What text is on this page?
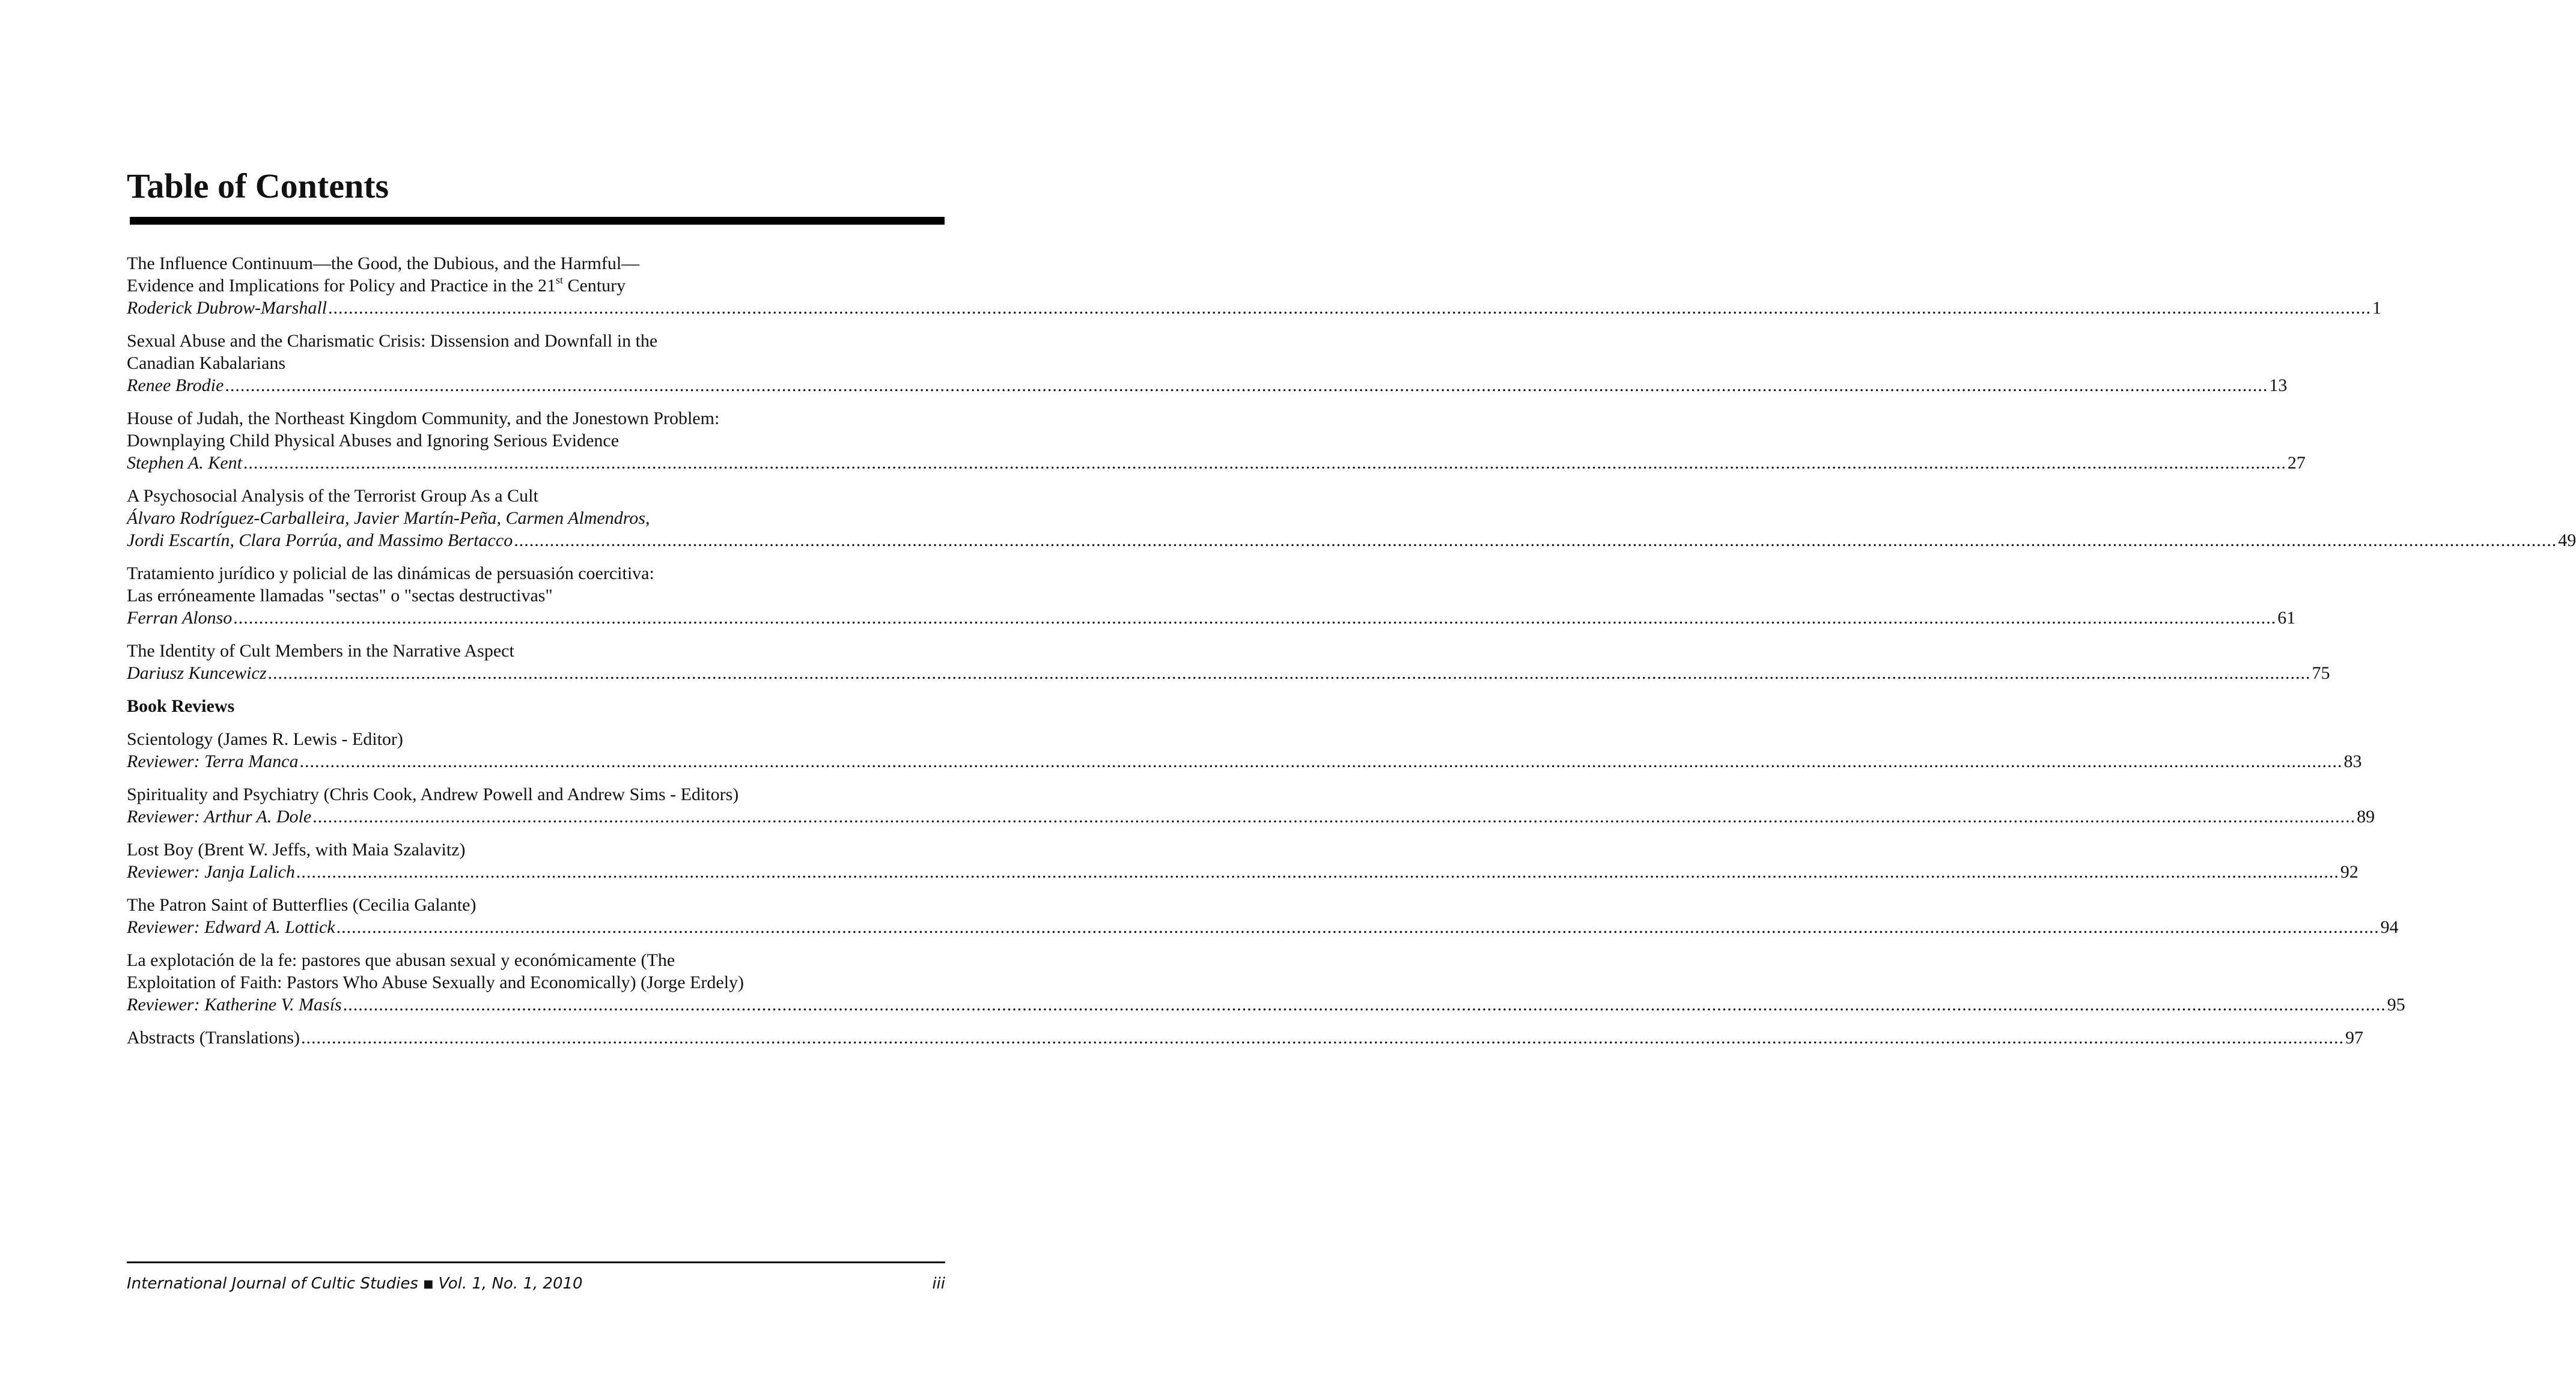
Table of Contents
The Influence Continuum—the Good, the Dubious, and the Harmful—
Evidence and Implications for Policy and Practice in the 21st Century
Roderick Dubrow-Marshall ................................................................................................................................................................................................................................................................................................................................................................................................................ 1
Sexual Abuse and the Charismatic Crisis: Dissension and Downfall in the
Canadian Kabalarians
Renee Brodie ................................................................................................................................................................................................................................................................................................................................................................................................................ 13
House of Judah, the Northeast Kingdom Community, and the Jonestown Problem:
Downplaying Child Physical Abuses and Ignoring Serious Evidence
Stephen A. Kent ................................................................................................................................................................................................................................................................................................................................................................................................................ 27
A Psychosocial Analysis of the Terrorist Group As a Cult
Álvaro Rodríguez-Carballeira, Javier Martín-Peña, Carmen Almendros,
Jordi Escartín, Clara Porrúa, and Massimo Bertacco ................................................................................................................................................................................................................................................................................................................................................................................................................ 49
Tratamiento jurídico y policial de las dinámicas de persuasión coercitiva:
Las erróneamente llamadas "sectas" o "sectas destructivas"
Ferran Alonso ................................................................................................................................................................................................................................................................................................................................................................................................................ 61
The Identity of Cult Members in the Narrative Aspect
Dariusz Kuncewicz ................................................................................................................................................................................................................................................................................................................................................................................................................ 75
Book Reviews
Scientology (James R. Lewis - Editor)
Reviewer: Terra Manca ................................................................................................................................................................................................................................................................................................................................................................................................................ 83
Spirituality and Psychiatry (Chris Cook, Andrew Powell and Andrew Sims - Editors)
Reviewer: Arthur A. Dole ................................................................................................................................................................................................................................................................................................................................................................................................................ 89
Lost Boy (Brent W. Jeffs, with Maia Szalavitz)
Reviewer: Janja Lalich ................................................................................................................................................................................................................................................................................................................................................................................................................ 92
The Patron Saint of Butterflies (Cecilia Galante)
Reviewer: Edward A. Lottick ................................................................................................................................................................................................................................................................................................................................................................................................................ 94
La explotación de la fe: pastores que abusan sexual y económicamente (The
Exploitation of Faith: Pastors Who Abuse Sexually and Economically) (Jorge Erdely)
Reviewer: Katherine V. Masís ................................................................................................................................................................................................................................................................................................................................................................................................................ 95
Abstracts (Translations) ................................................................................................................................................................................................................................................................................................................................................................................................................ 97
International Journal of Cultic Studies ■ Vol. 1, No. 1, 2010	iii
